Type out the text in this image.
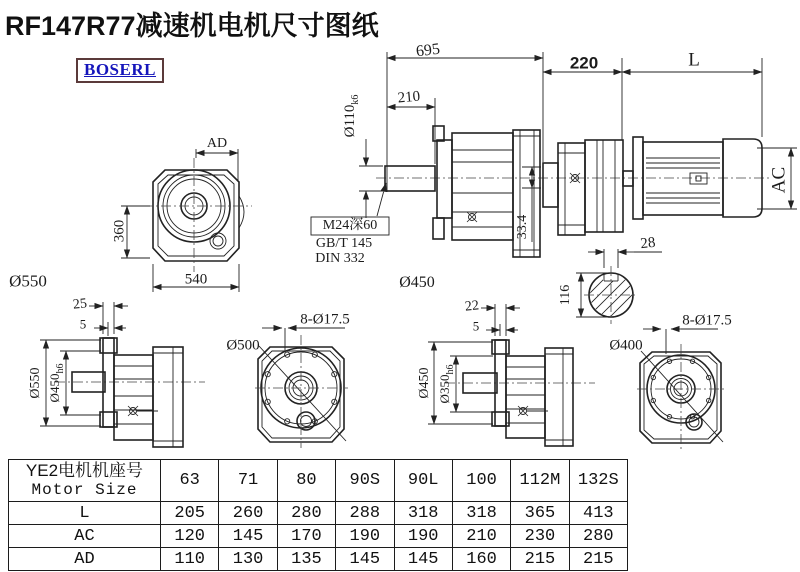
RF147R77减速机电机尺寸图纸
BOSERL
695
210
220	L
AC
$Ø110_{k6}$
M24深60
GB/T 145
DIN 332
33.4
Ø450
28
116
AD
360
540
Ø550
25
5
Ø550 $Ø450_{h6}$
8-Ø17.5
Ø500
22
5
Ø450 $Ø350_{h6}$
8-Ø17.5
Ø400
YE2电机机座号
Motor Size	63	71	80	90S	90L	100	112M	132S
L	205	260	280	288	318	318	365	413
AC	120	145	170	190	190	210	230	280
AD	110	130	135	145	145	160	215	215
